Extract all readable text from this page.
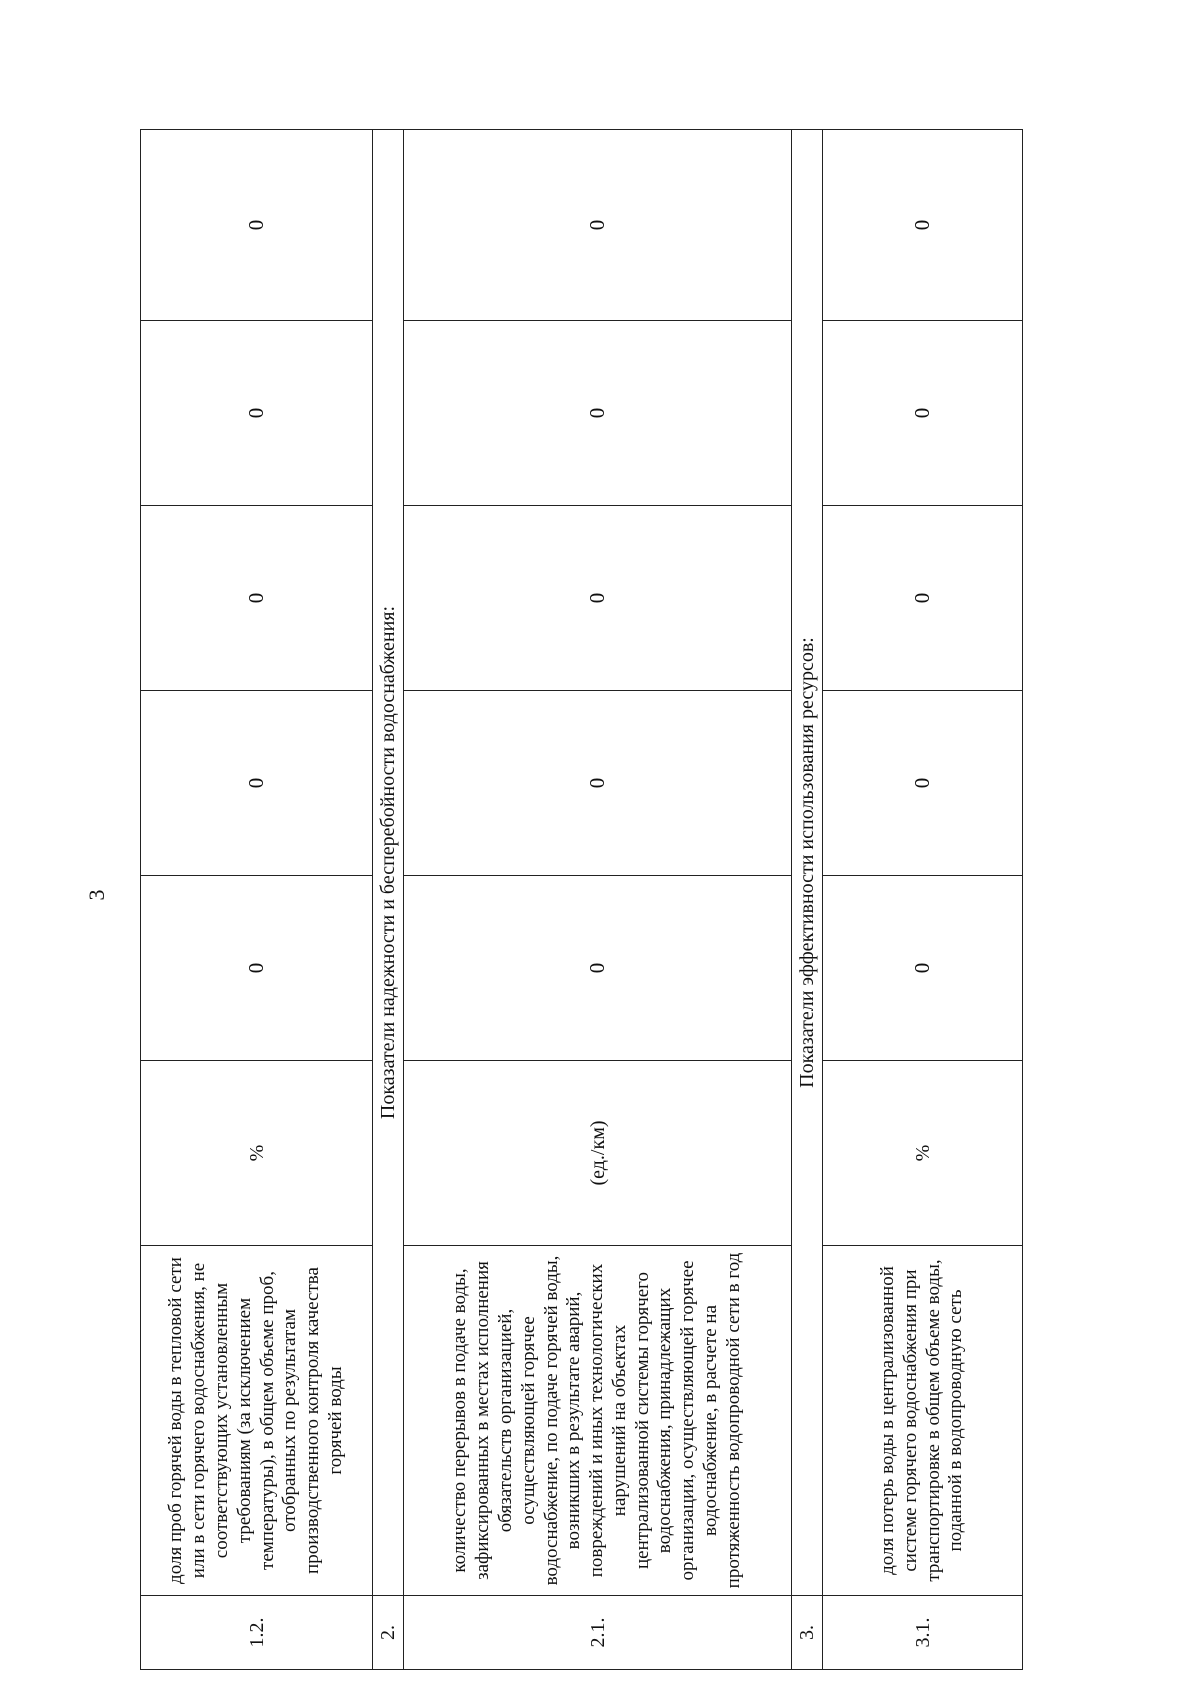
3
1.2.	доля проб горячей воды в тепловой сети или в сети горячего водоснабжения, не соответствующих установленным требованиям (за исключением температуры), в общем объеме проб, отобранных по результатам производственного контроля качества горячей воды	%	0	0	0	0	0
2.	Показатели надежности и бесперебойности водоснабжения:						
2.1.	количество перерывов в подаче воды, зафиксированных в местах исполнения обязательств организацией, осуществляющей горячее водоснабжение, по подаче горячей воды, возникших в результате аварий, повреждений и иных технологических нарушений на объектах централизованной системы горячего водоснабжения, принадлежащих организации, осуществляющей горячее водоснабжение, в расчете на протяженность водопроводной сети в год	(ед./км)	0	0	0	0	0
3.	Показатели эффективности использования ресурсов:						
3.1.	доля потерь воды в централизованной системе горячего водоснабжения при транспортировке в общем объеме воды, поданной в водопроводную сеть	%	0	0	0	0	0
